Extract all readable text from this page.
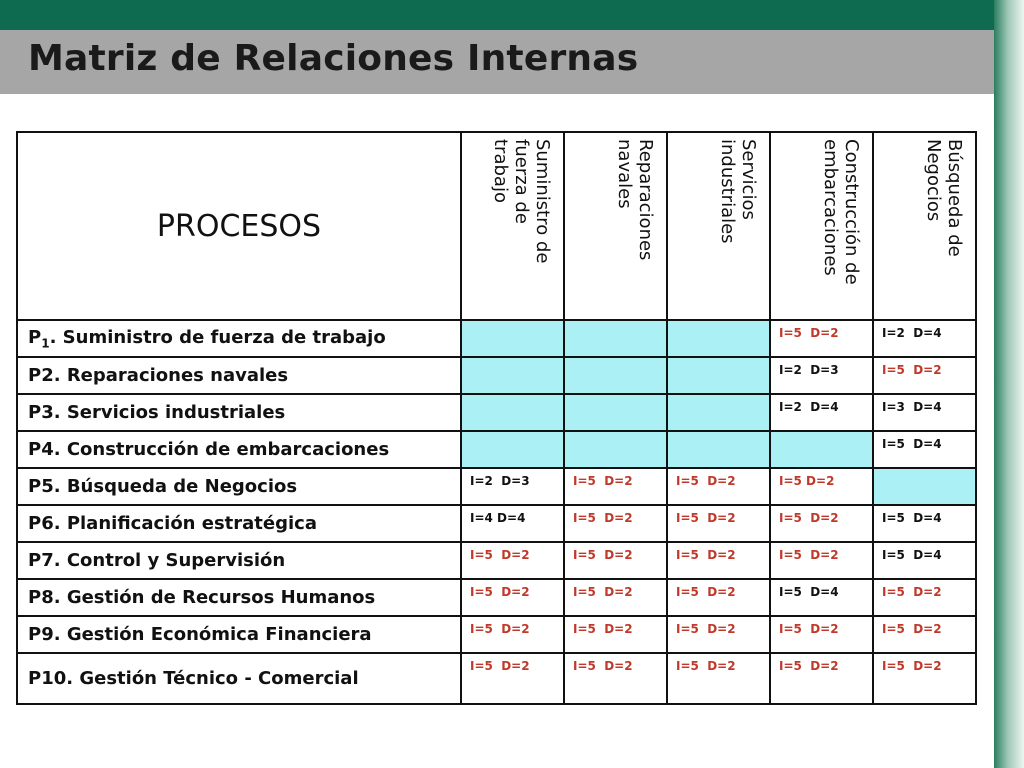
Matriz de Relaciones Internas
PROCESOS	Suministro de
fuerza de
trabajo	Reparaciones
navales	Servicios
industriales	Construcción de
embarcaciones	Búsqueda de
Negocios

$P_1$. Suministro de fuerza de trabajo				I=5  D=2	I=2  D=4
P2. Reparaciones navales				I=2  D=3	I=5  D=2
P3. Servicios industriales				I=2  D=4	I=3  D=4
P4. Construcción de embarcaciones					I=5  D=4
P5. Búsqueda de Negocios	I=2  D=3	I=5  D=2	I=5  D=2	I=5 D=2	
P6. Planificación estratégica	I=4 D=4	I=5  D=2	I=5  D=2	I=5  D=2	I=5  D=4
P7. Control y Supervisión	I=5  D=2	I=5  D=2	I=5  D=2	I=5  D=2	I=5  D=4
P8. Gestión de Recursos Humanos	I=5  D=2	I=5  D=2	I=5  D=2	I=5  D=4	I=5  D=2
P9. Gestión Económica Financiera	I=5  D=2	I=5  D=2	I=5  D=2	I=5  D=2	I=5  D=2
P10. Gestión Técnico - Comercial	I=5  D=2	I=5  D=2	I=5  D=2	I=5  D=2	I=5  D=2
